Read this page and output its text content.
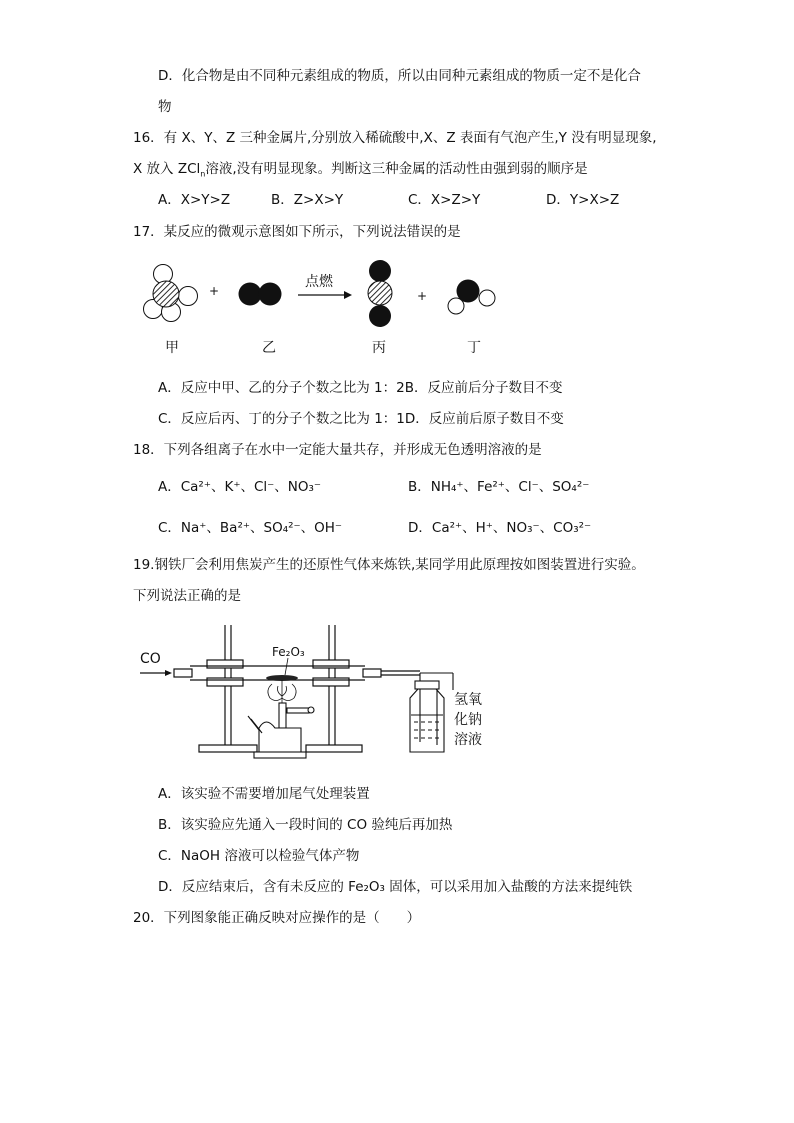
D．化合物是由不同种元素组成的物质，所以由同种元素组成的物质一定不是化合
物
16．有 X、Y、Z 三种金属片,分别放入稀硫酸中,X、Z 表面有气泡产生,Y 没有明显现象,
X 放入 ZCl$_n$溶液,没有明显现象。判断这三种金属的活动性由强到弱的顺序是
A．X>Y>Z	B．Z>X>Y	C．X>Z>Y	D．Y>X>Z
17．某反应的微观示意图如下所示，下列说法错误的是
+	+
点燃
甲	乙	丙	丁
A．反应中甲、乙的分子个数之比为 1：2B．反应前后分子数目不变
C．反应后丙、丁的分子个数之比为 1：1D．反应前后原子数目不变
18．下列各组离子在水中一定能大量共存，并形成无色透明溶液的是
A．Ca²⁺、K⁺、Cl⁻、NO₃⁻	B．NH₄⁺、Fe²⁺、Cl⁻、SO₄²⁻
C．Na⁺、Ba²⁺、SO₄²⁻、OH⁻	D．Ca²⁺、H⁺、NO₃⁻、CO₃²⁻
19.钢铁厂会利用焦炭产生的还原性气体来炼铁,某同学用此原理按如图装置进行实验。
下列说法正确的是
CO	Fe₂O₃
氢氧
化钠
溶液
A．该实验不需要增加尾气处理装置
B．该实验应先通入一段时间的 CO 验纯后再加热
C．NaOH 溶液可以检验气体产物
D．反应结束后，含有未反应的 Fe₂O₃ 固体，可以采用加入盐酸的方法来提纯铁
20．下列图象能正确反映对应操作的是（　　）
